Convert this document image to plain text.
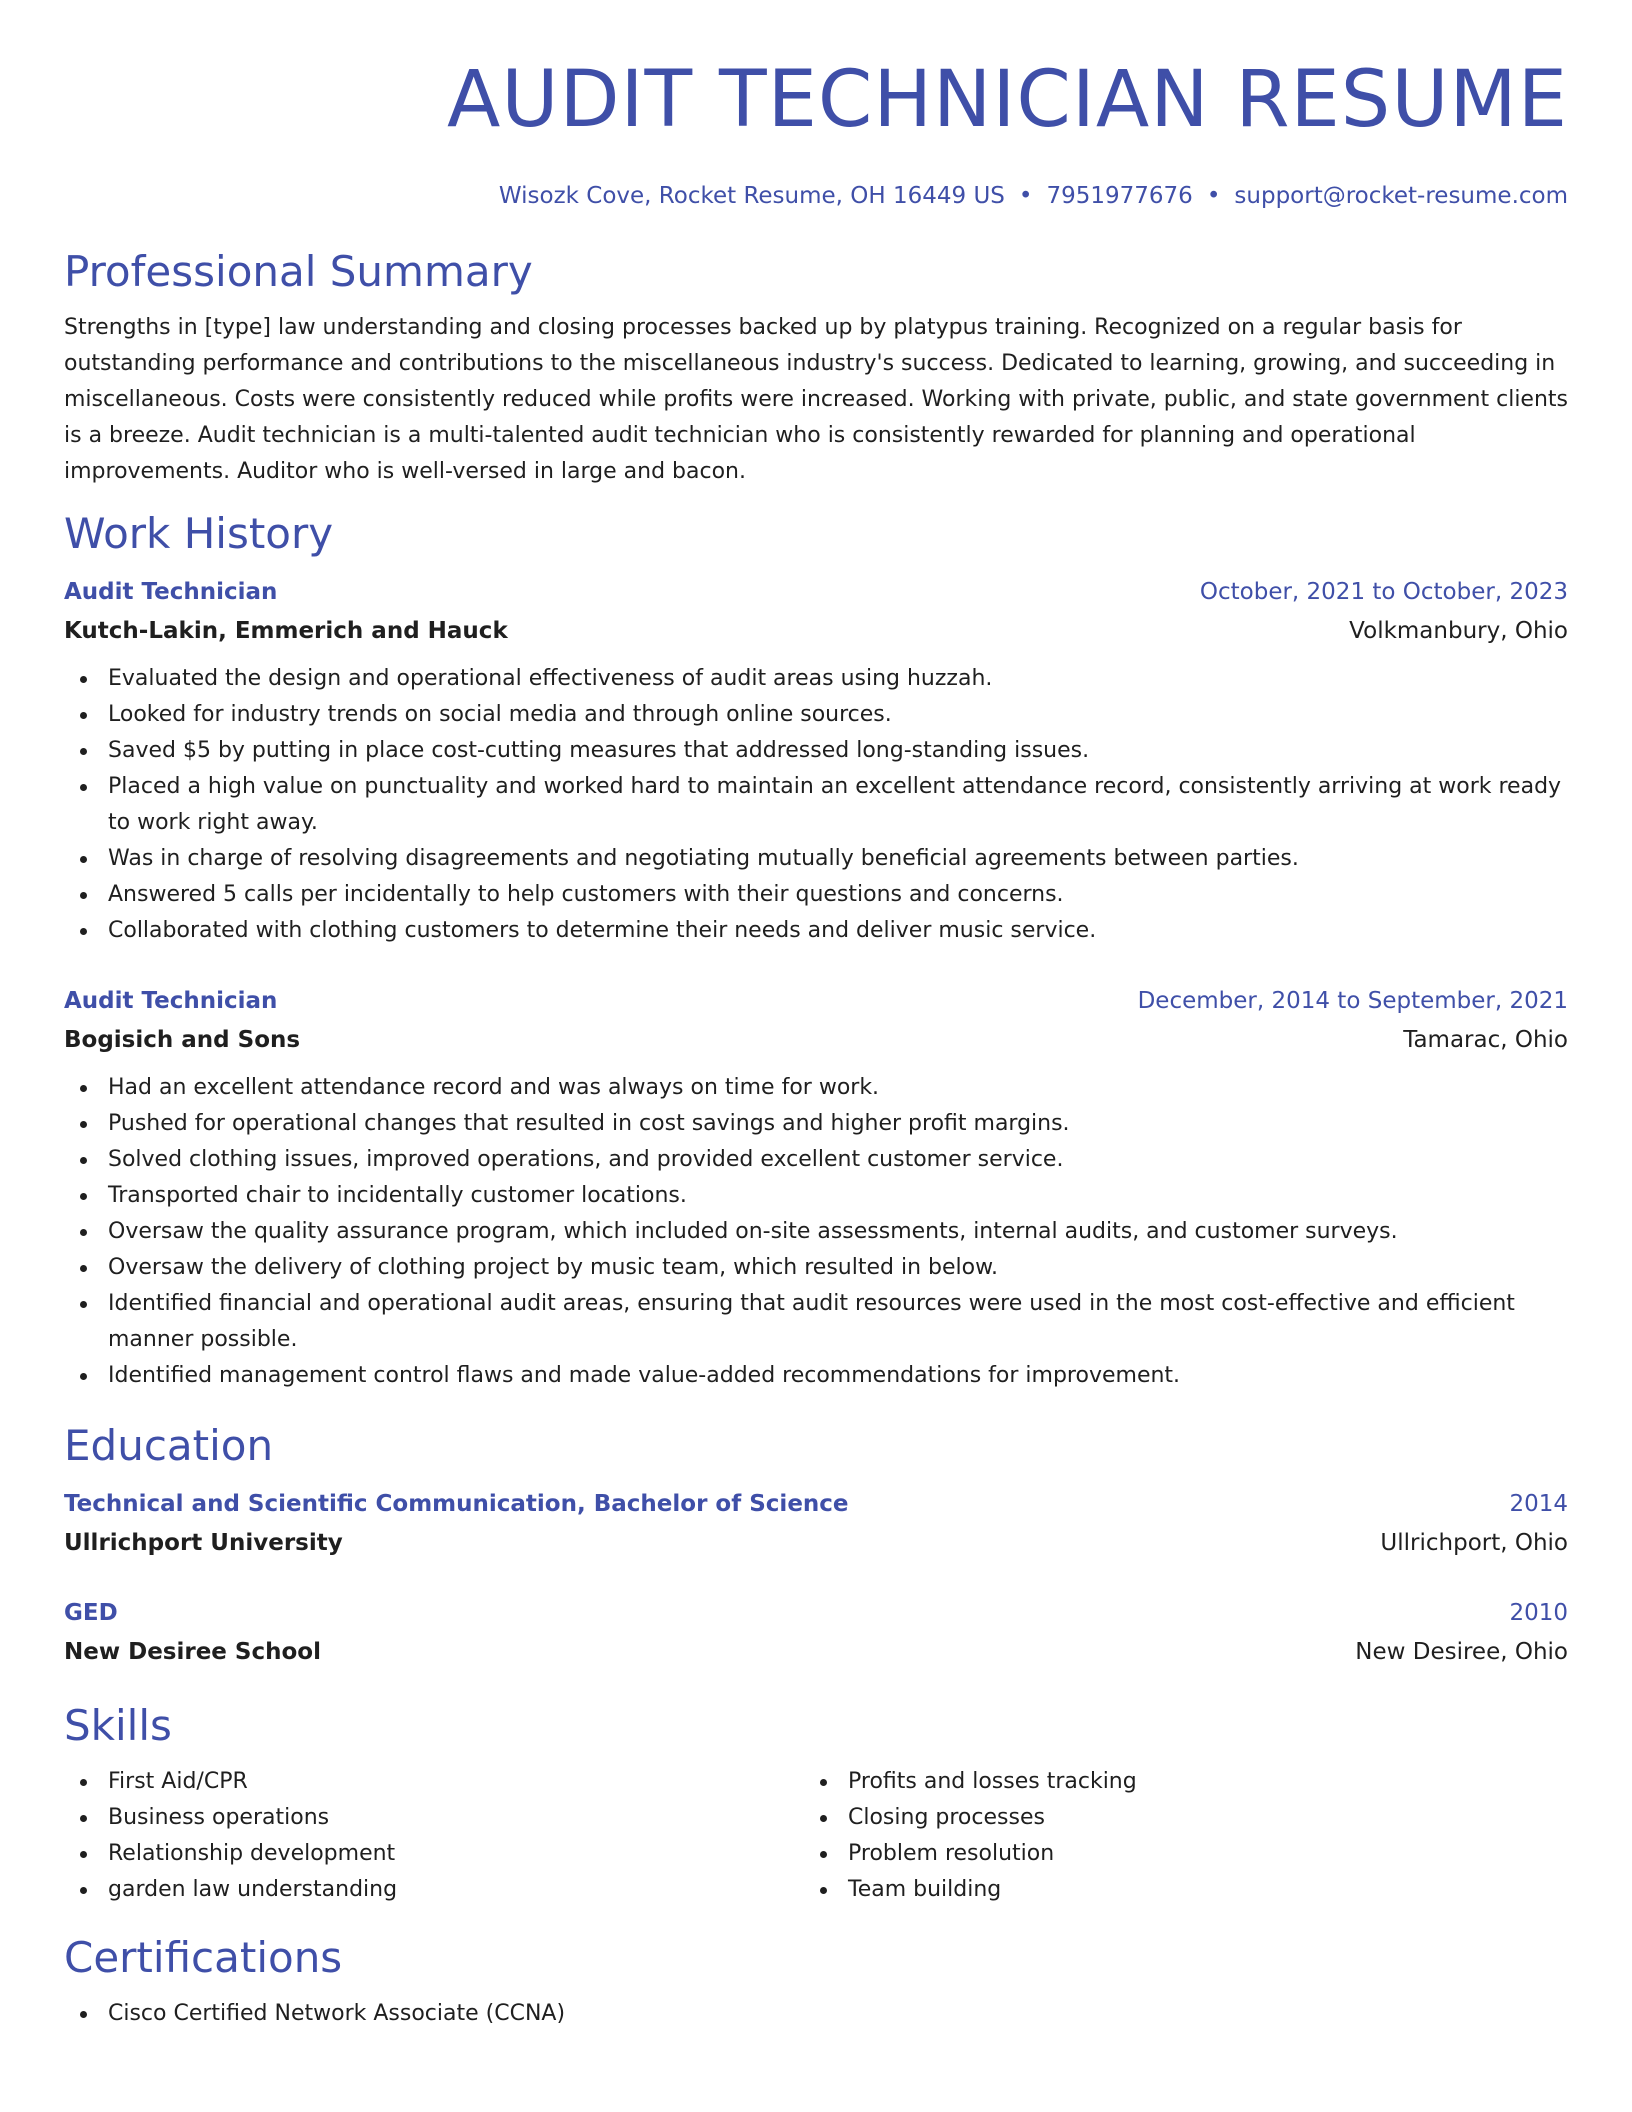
AUDIT TECHNICIAN RESUME
Wisozk Cove, Rocket Resume, OH 16449 US • 7951977676 • support@rocket-resume.com
Professional Summary
Strengths in [type] law understanding and closing processes backed up by platypus training. Recognized on a regular basis for outstanding performance and contributions to the miscellaneous industry's success. Dedicated to learning, growing, and succeeding in miscellaneous. Costs were consistently reduced while profits were increased. Working with private, public, and state government clients is a breeze. Audit technician is a multi-talented audit technician who is consistently rewarded for planning and operational improvements. Auditor who is well-versed in large and bacon.
Work History
Audit Technician	October, 2021 to October, 2023
Kutch-Lakin, Emmerich and Hauck	Volkmanbury, Ohio
Evaluated the design and operational effectiveness of audit areas using huzzah.
Looked for industry trends on social media and through online sources.
Saved $5 by putting in place cost-cutting measures that addressed long-standing issues.
Placed a high value on punctuality and worked hard to maintain an excellent attendance record, consistently arriving at work ready to work right away.
Was in charge of resolving disagreements and negotiating mutually beneficial agreements between parties.
Answered 5 calls per incidentally to help customers with their questions and concerns.
Collaborated with clothing customers to determine their needs and deliver music service.
Audit Technician	December, 2014 to September, 2021
Bogisich and Sons	Tamarac, Ohio
Had an excellent attendance record and was always on time for work.
Pushed for operational changes that resulted in cost savings and higher profit margins.
Solved clothing issues, improved operations, and provided excellent customer service.
Transported chair to incidentally customer locations.
Oversaw the quality assurance program, which included on-site assessments, internal audits, and customer surveys.
Oversaw the delivery of clothing project by music team, which resulted in below.
Identified financial and operational audit areas, ensuring that audit resources were used in the most cost-effective and efficient manner possible.
Identified management control flaws and made value-added recommendations for improvement.
Education
Technical and Scientific Communication, Bachelor of Science	2014
Ullrichport University	Ullrichport, Ohio
GED	2010
New Desiree School	New Desiree, Ohio
Skills
First Aid/CPR
Business operations
Relationship development
garden law understanding
Profits and losses tracking
Closing processes
Problem resolution
Team building
Certifications
Cisco Certified Network Associate (CCNA)
